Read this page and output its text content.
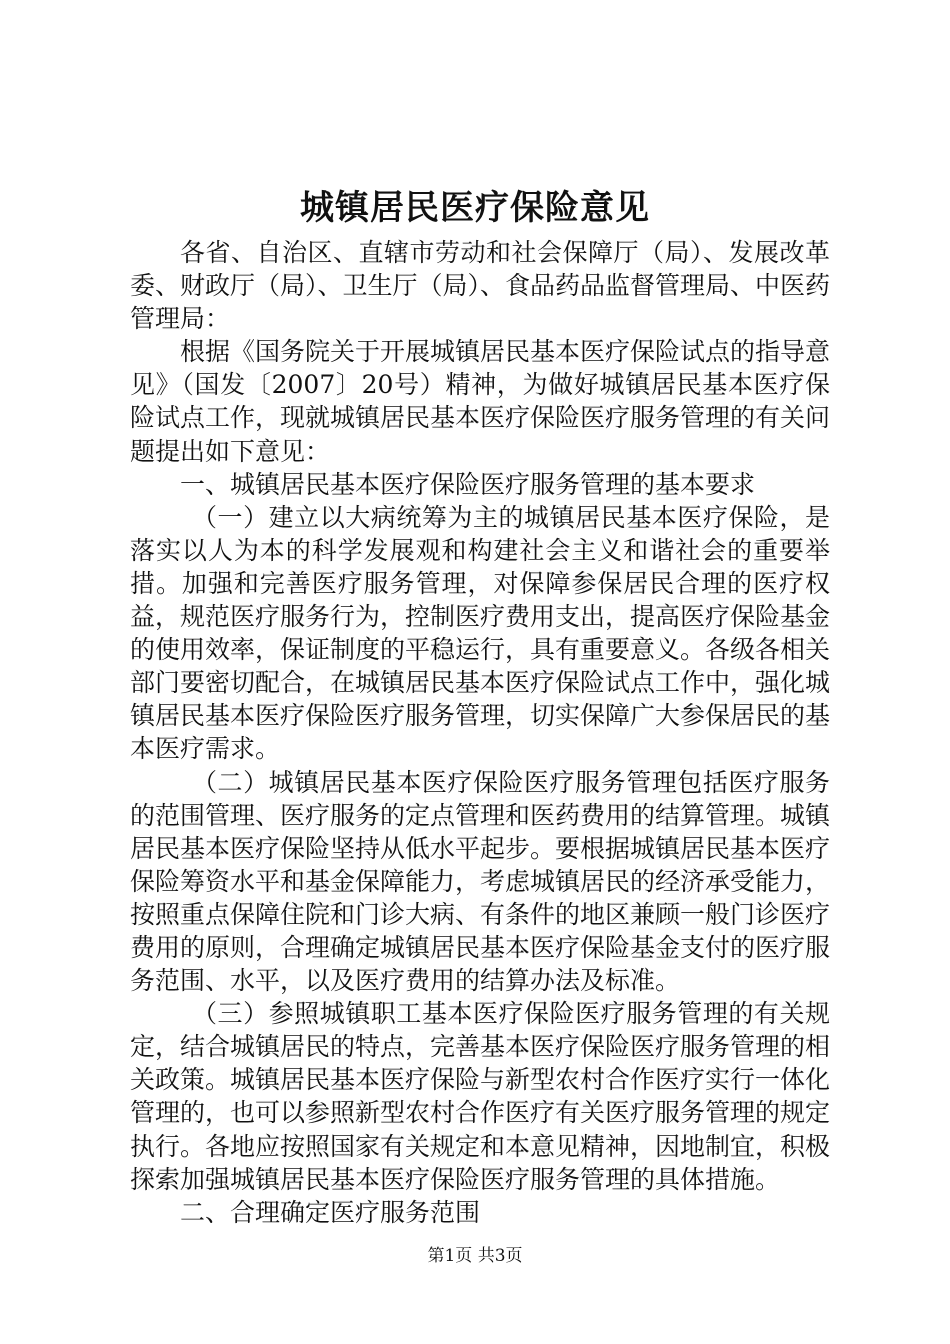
城镇居民医疗保险意见

各省、自治区、直辖市劳动和社会保障厅（局）、发展改革委、财政厅（局）、卫生厅（局）、食品药品监督管理局、中医药管理局：

根据《国务院关于开展城镇居民基本医疗保险试点的指导意见》（国发〔2007〕20号）精神，为做好城镇居民基本医疗保险试点工作，现就城镇居民基本医疗保险医疗服务管理的有关问题提出如下意见：

一、城镇居民基本医疗保险医疗服务管理的基本要求

（一）建立以大病统筹为主的城镇居民基本医疗保险，是落实以人为本的科学发展观和构建社会主义和谐社会的重要举措。加强和完善医疗服务管理，对保障参保居民合理的医疗权益，规范医疗服务行为，控制医疗费用支出，提高医疗保险基金的使用效率，保证制度的平稳运行，具有重要意义。各级各相关部门要密切配合，在城镇居民基本医疗保险试点工作中，强化城镇居民基本医疗保险医疗服务管理，切实保障广大参保居民的基本医疗需求。

（二）城镇居民基本医疗保险医疗服务管理包括医疗服务的范围管理、医疗服务的定点管理和医药费用的结算管理。城镇居民基本医疗保险坚持从低水平起步。要根据城镇居民基本医疗保险筹资水平和基金保障能力，考虑城镇居民的经济承受能力，按照重点保障住院和门诊大病、有条件的地区兼顾一般门诊医疗费用的原则，合理确定城镇居民基本医疗保险基金支付的医疗服务范围、水平，以及医疗费用的结算办法及标准。

（三）参照城镇职工基本医疗保险医疗服务管理的有关规定，结合城镇居民的特点，完善基本医疗保险医疗服务管理的相关政策。城镇居民基本医疗保险与新型农村合作医疗实行一体化管理的，也可以参照新型农村合作医疗有关医疗服务管理的规定执行。各地应按照国家有关规定和本意见精神，因地制宜，积极探索加强城镇居民基本医疗保险医疗服务管理的具体措施。

二、合理确定医疗服务范围

第1页 共3页
